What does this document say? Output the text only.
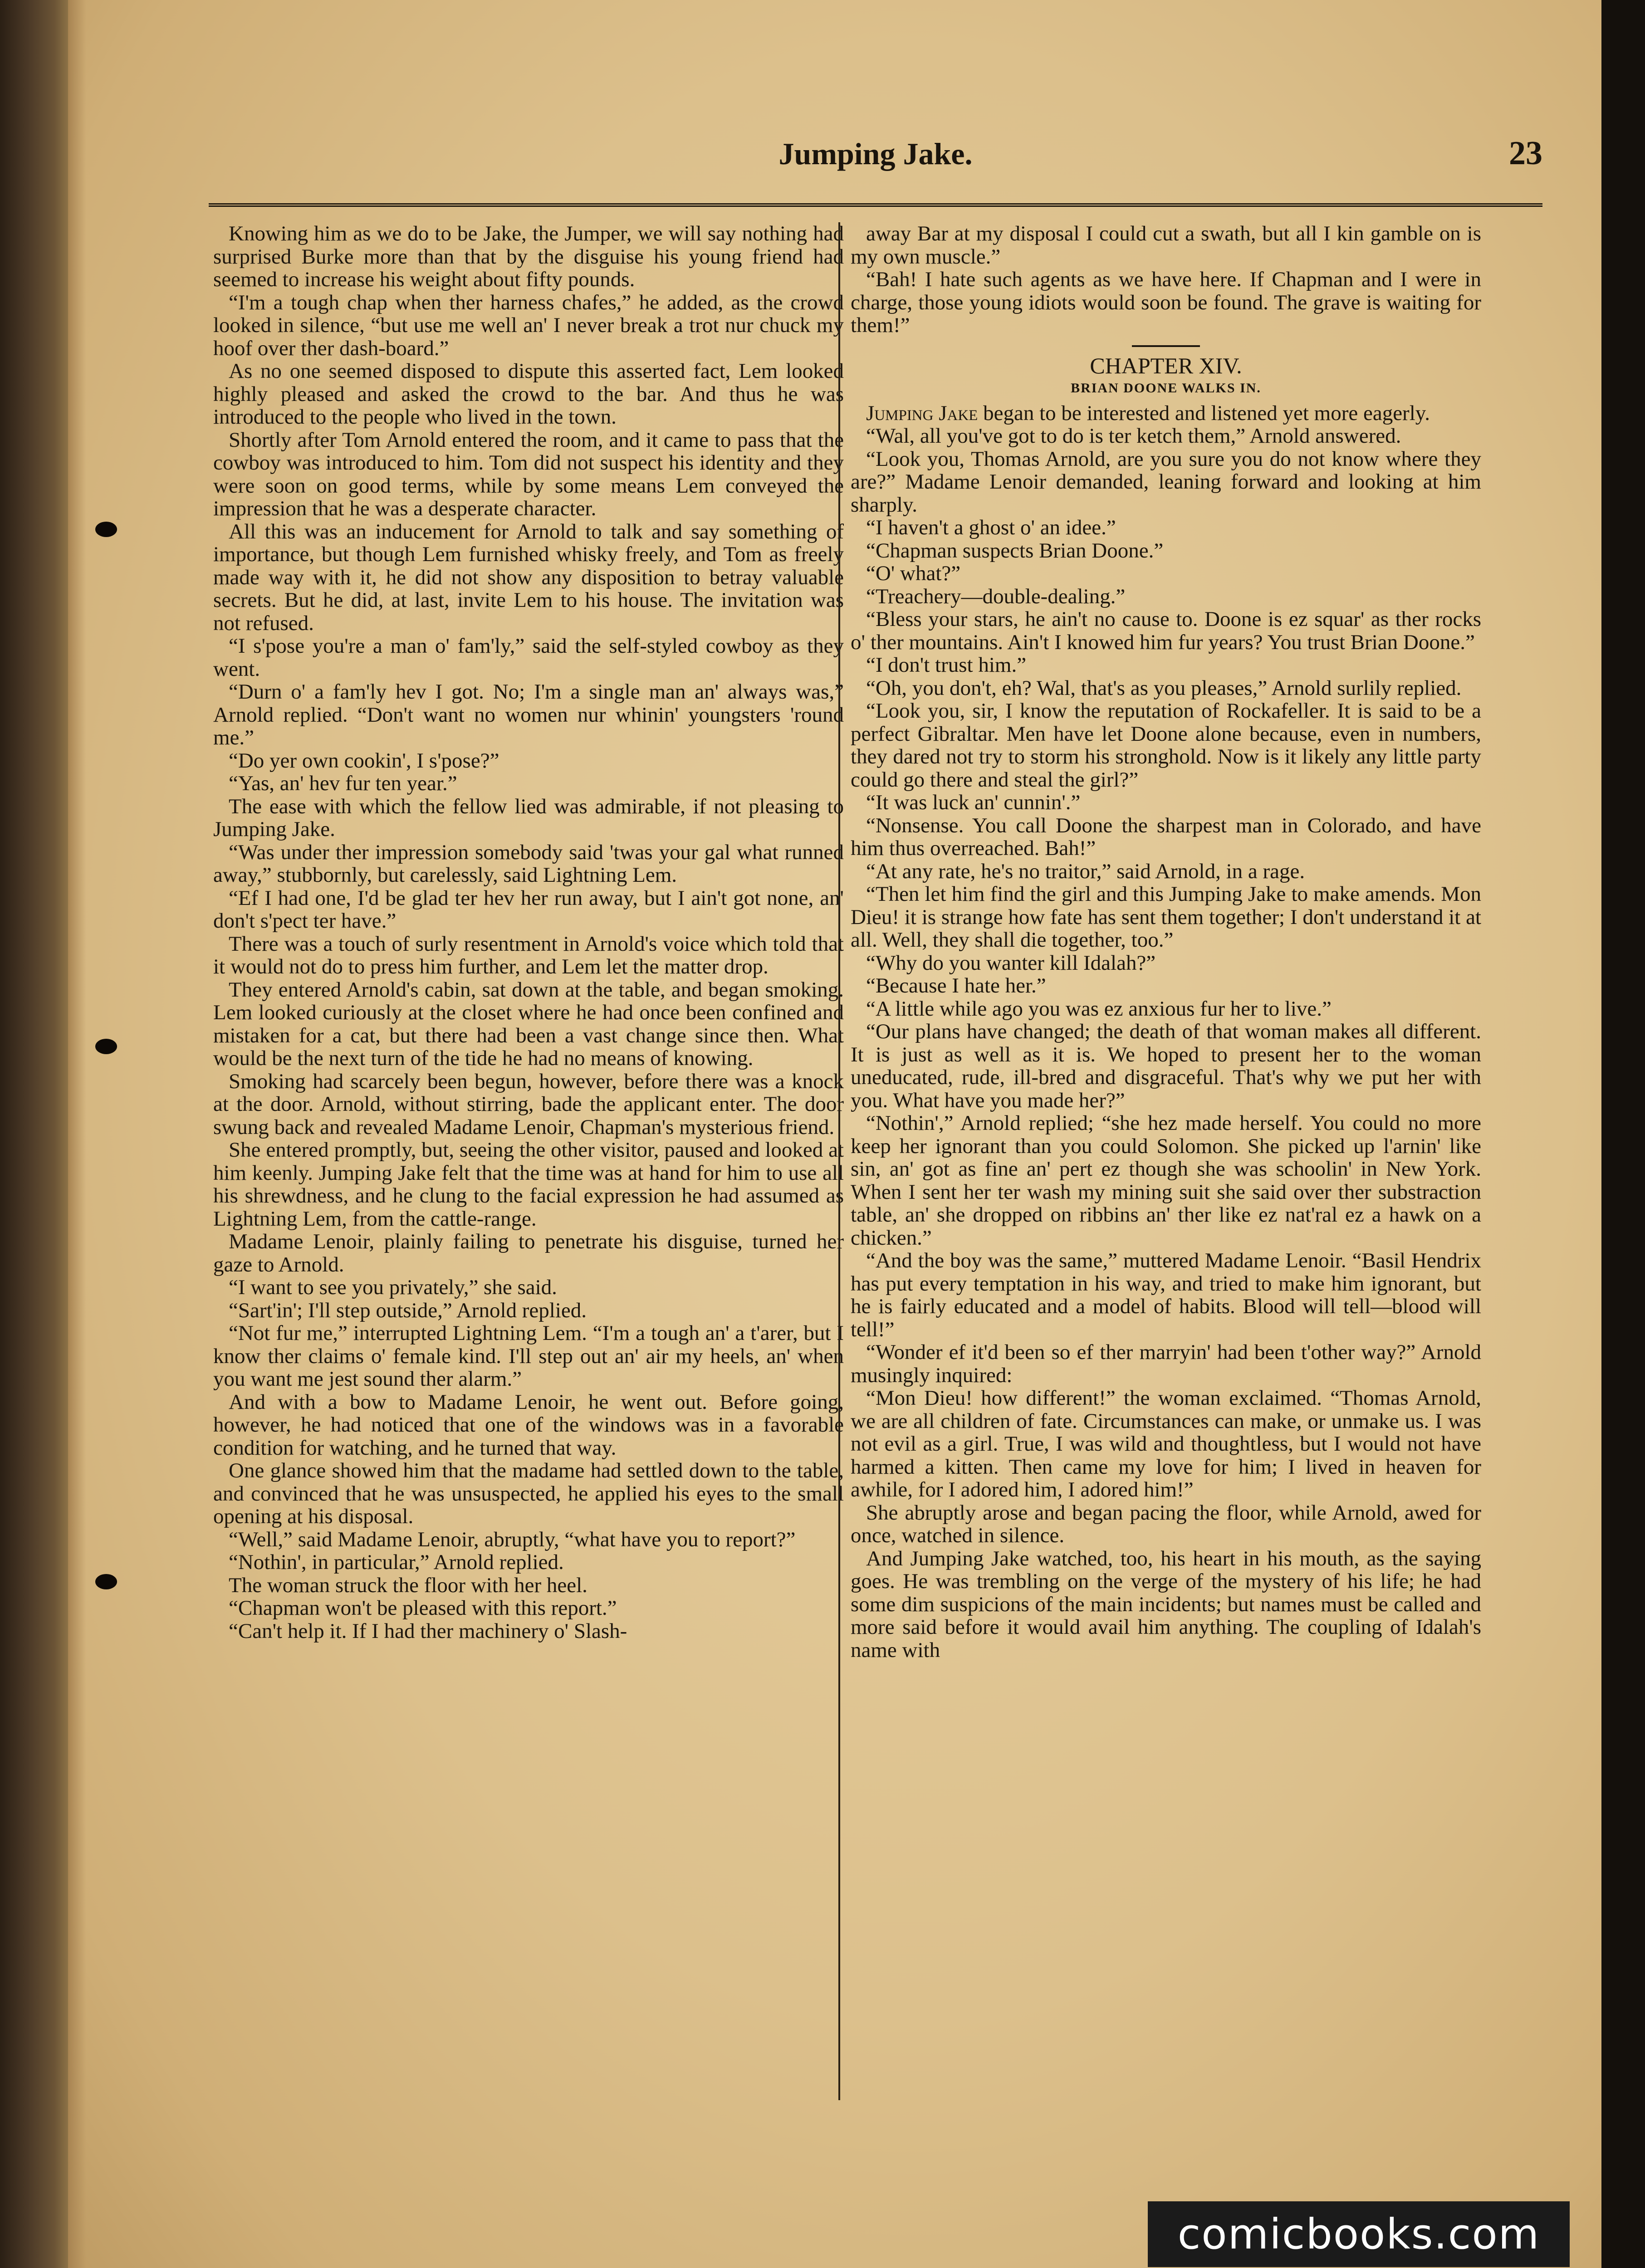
Jumping Jake.	23

Knowing him as we do to be Jake, the Jumper, we will say nothing had surprised Burke more than that by the disguise his young friend had seemed to increase his weight about fifty pounds.

“I'm a tough chap when ther harness chafes,” he added, as the crowd looked in silence, “but use me well an' I never break a trot nur chuck my hoof over ther dash-board.”

As no one seemed disposed to dispute this asserted fact, Lem looked highly pleased and asked the crowd to the bar. And thus he was introduced to the people who lived in the town.

Shortly after Tom Arnold entered the room, and it came to pass that the cowboy was introduced to him. Tom did not suspect his identity and they were soon on good terms, while by some means Lem conveyed the impression that he was a desperate character.

All this was an inducement for Arnold to talk and say something of importance, but though Lem furnished whisky freely, and Tom as freely made way with it, he did not show any disposition to betray valuable secrets. But he did, at last, invite Lem to his house. The invitation was not refused.

“I s'pose you're a man o' fam'ly,” said the self-styled cowboy as they went.

“Durn o' a fam'ly hev I got. No; I'm a single man an' always was,” Arnold replied. “Don't want no women nur whinin' youngsters 'round me.”

“Do yer own cookin', I s'pose?”

“Yas, an' hev fur ten year.”

The ease with which the fellow lied was admirable, if not pleasing to Jumping Jake.

“Was under ther impression somebody said 'twas your gal what runned away,” stubbornly, but carelessly, said Lightning Lem.

“Ef I had one, I'd be glad ter hev her run away, but I ain't got none, an' don't s'pect ter have.”

There was a touch of surly resentment in Arnold's voice which told that it would not do to press him further, and Lem let the matter drop.

They entered Arnold's cabin, sat down at the table, and began smoking. Lem looked curiously at the closet where he had once been confined and mistaken for a cat, but there had been a vast change since then. What would be the next turn of the tide he had no means of knowing.

Smoking had scarcely been begun, however, before there was a knock at the door. Arnold, without stirring, bade the applicant enter. The door swung back and revealed Madame Lenoir, Chapman's mysterious friend.

She entered promptly, but, seeing the other visitor, paused and looked at him keenly. Jumping Jake felt that the time was at hand for him to use all his shrewdness, and he clung to the facial expression he had assumed as Lightning Lem, from the cattle-range.

Madame Lenoir, plainly failing to penetrate his disguise, turned her gaze to Arnold.

“I want to see you privately,” she said.

“Sart'in'; I'll step outside,” Arnold replied.

“Not fur me,” interrupted Lightning Lem. “I'm a tough an' a t'arer, but I know ther claims o' female kind. I'll step out an' air my heels, an' when you want me jest sound ther alarm.”

And with a bow to Madame Lenoir, he went out. Before going, however, he had noticed that one of the windows was in a favorable condition for watching, and he turned that way.

One glance showed him that the madame had settled down to the table, and convinced that he was unsuspected, he applied his eyes to the small opening at his disposal.

“Well,” said Madame Lenoir, abruptly, “what have you to report?”

“Nothin', in particular,” Arnold replied.

The woman struck the floor with her heel.

“Chapman won't be pleased with this report.”

“Can't help it. If I had ther machinery o' Slash-

away Bar at my disposal I could cut a swath, but all I kin gamble on is my own muscle.”

“Bah! I hate such agents as we have here. If Chapman and I were in charge, those young idiots would soon be found. The grave is waiting for them!”

CHAPTER XIV.

BRIAN DOONE WALKS IN.

Jumping Jake began to be interested and listened yet more eagerly.

“Wal, all you've got to do is ter ketch them,” Arnold answered.

“Look you, Thomas Arnold, are you sure you do not know where they are?” Madame Lenoir demanded, leaning forward and looking at him sharply.

“I haven't a ghost o' an idee.”

“Chapman suspects Brian Doone.”

“O' what?”

“Treachery—double-dealing.”

“Bless your stars, he ain't no cause to. Doone is ez squar' as ther rocks o' ther mountains. Ain't I knowed him fur years? You trust Brian Doone.”

“I don't trust him.”

“Oh, you don't, eh? Wal, that's as you pleases,” Arnold surlily replied.

“Look you, sir, I know the reputation of Rockafeller. It is said to be a perfect Gibraltar. Men have let Doone alone because, even in numbers, they dared not try to storm his stronghold. Now is it likely any little party could go there and steal the girl?”

“It was luck an' cunnin'.”

“Nonsense. You call Doone the sharpest man in Colorado, and have him thus overreached. Bah!”

“At any rate, he's no traitor,” said Arnold, in a rage.

“Then let him find the girl and this Jumping Jake to make amends. Mon Dieu! it is strange how fate has sent them together; I don't understand it at all. Well, they shall die together, too.”

“Why do you wanter kill Idalah?”

“Because I hate her.”

“A little while ago you was ez anxious fur her to live.”

“Our plans have changed; the death of that woman makes all different. It is just as well as it is. We hoped to present her to the woman uneducated, rude, ill-bred and disgraceful. That's why we put her with you. What have you made her?”

“Nothin',” Arnold replied; “she hez made herself. You could no more keep her ignorant than you could Solomon. She picked up l'arnin' like sin, an' got as fine an' pert ez though she was schoolin' in New York. When I sent her ter wash my mining suit she said over ther substraction table, an' she dropped on ribbins an' ther like ez nat'ral ez a hawk on a chicken.”

“And the boy was the same,” muttered Madame Lenoir. “Basil Hendrix has put every temptation in his way, and tried to make him ignorant, but he is fairly educated and a model of habits. Blood will tell—blood will tell!”

“Wonder ef it'd been so ef ther marryin' had been t'other way?” Arnold musingly inquired:

“Mon Dieu! how different!” the woman exclaimed. “Thomas Arnold, we are all children of fate. Circumstances can make, or unmake us. I was not evil as a girl. True, I was wild and thoughtless, but I would not have harmed a kitten. Then came my love for him; I lived in heaven for awhile, for I adored him, I adored him!”

She abruptly arose and began pacing the floor, while Arnold, awed for once, watched in silence.

And Jumping Jake watched, too, his heart in his mouth, as the saying goes. He was trembling on the verge of the mystery of his life; he had some dim suspicions of the main incidents; but names must be called and more said before it would avail him anything. The coupling of Idalah's name with

comicbooks.com
